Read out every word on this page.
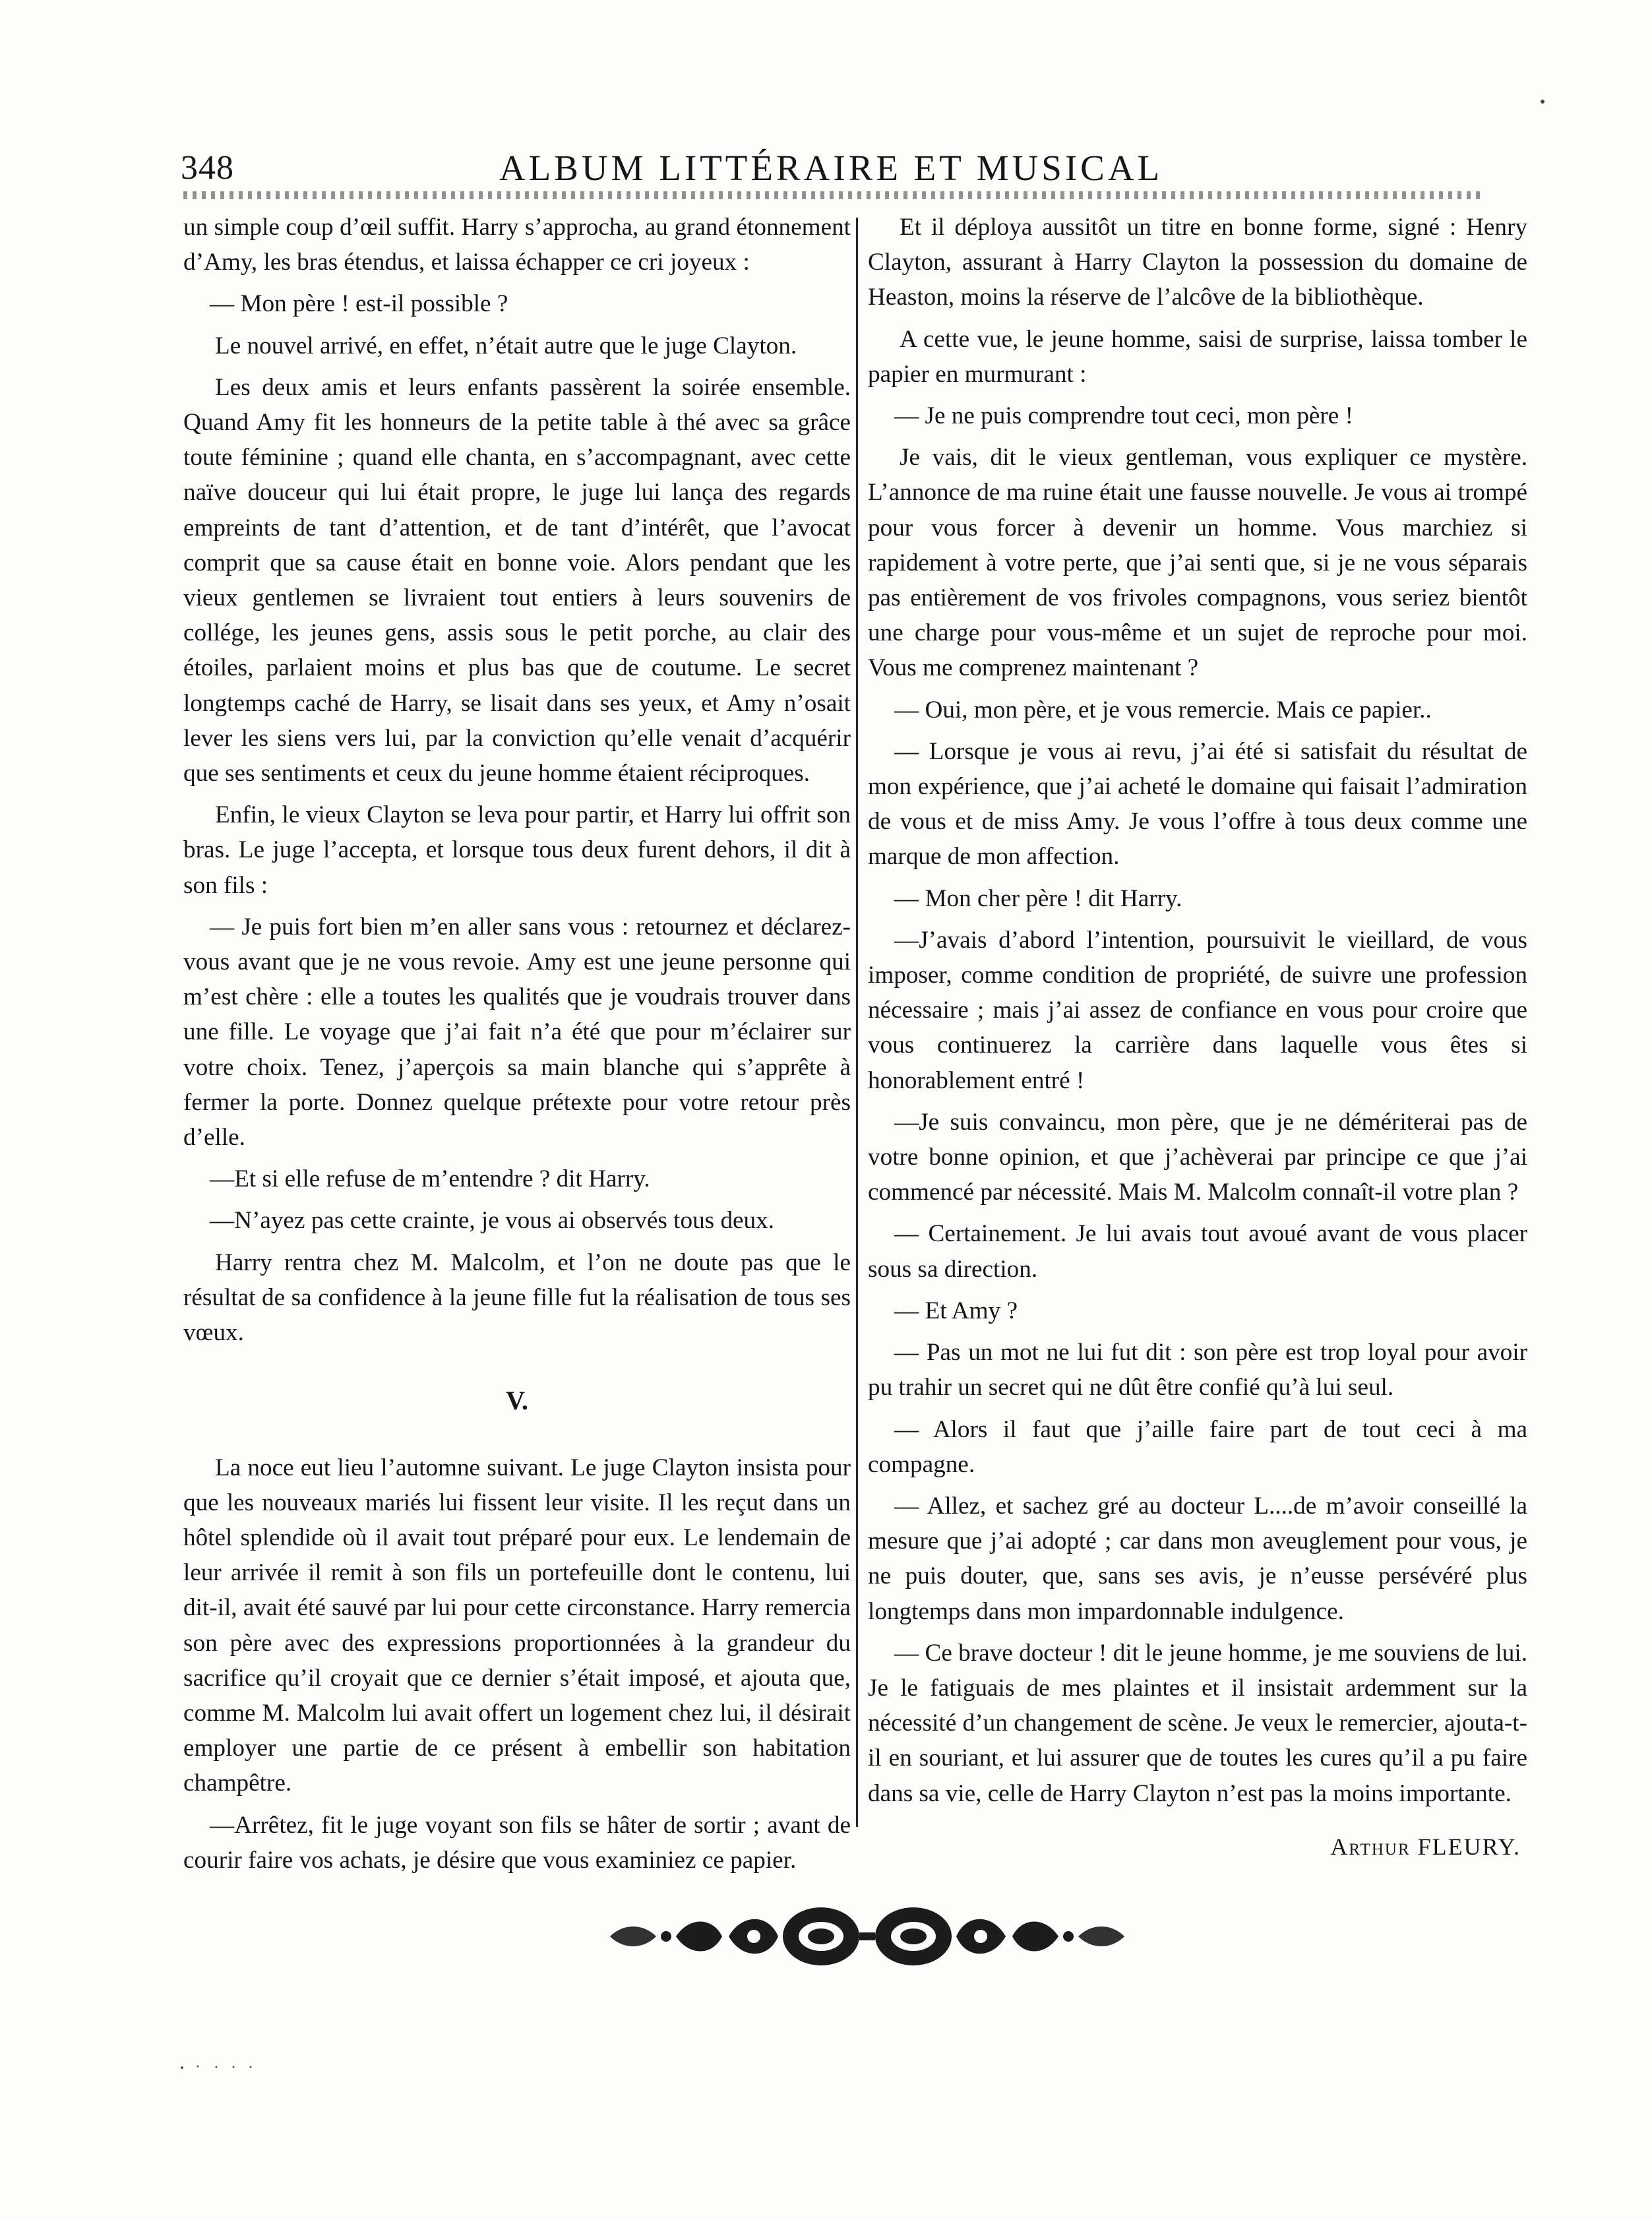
348	ALBUM LITTÉRAIRE ET MUSICAL

un simple coup d’œil suffit. Harry s’approcha, au grand étonnement d’Amy, les bras étendus, et laissa échapper ce cri joyeux :

— Mon père ! est-il possible ?

Le nouvel arrivé, en effet, n’était autre que le juge Clayton.

Les deux amis et leurs enfants passèrent la soirée ensemble. Quand Amy fit les honneurs de la petite table à thé avec sa grâce toute féminine ; quand elle chanta, en s’accompagnant, avec cette naïve douceur qui lui était propre, le juge lui lança des regards empreints de tant d’attention, et de tant d’intérêt, que l’avocat comprit que sa cause était en bonne voie. Alors pendant que les vieux gentlemen se livraient tout entiers à leurs souvenirs de collége, les jeunes gens, assis sous le petit porche, au clair des étoiles, parlaient moins et plus bas que de coutume. Le secret longtemps caché de Harry, se lisait dans ses yeux, et Amy n’osait lever les siens vers lui, par la conviction qu’elle venait d’acquérir que ses sentiments et ceux du jeune homme étaient réciproques.

Enfin, le vieux Clayton se leva pour partir, et Harry lui offrit son bras. Le juge l’accepta, et lorsque tous deux furent dehors, il dit à son fils :

— Je puis fort bien m’en aller sans vous : retournez et déclarez-vous avant que je ne vous revoie. Amy est une jeune personne qui m’est chère : elle a toutes les qualités que je voudrais trouver dans une fille. Le voyage que j’ai fait n’a été que pour m’éclairer sur votre choix. Tenez, j’aperçois sa main blanche qui s’apprête à fermer la porte. Donnez quelque prétexte pour votre retour près d’elle.

—Et si elle refuse de m’entendre ? dit Harry.

—N’ayez pas cette crainte, je vous ai observés tous deux.

Harry rentra chez M. Malcolm, et l’on ne doute pas que le résultat de sa confidence à la jeune fille fut la réalisation de tous ses vœux.

V.

La noce eut lieu l’automne suivant. Le juge Clayton insista pour que les nouveaux mariés lui fissent leur visite. Il les reçut dans un hôtel splendide où il avait tout préparé pour eux. Le lendemain de leur arrivée il remit à son fils un portefeuille dont le contenu, lui dit-il, avait été sauvé par lui pour cette circonstance. Harry remercia son père avec des expressions proportionnées à la grandeur du sacrifice qu’il croyait que ce dernier s’était imposé, et ajouta que, comme M. Malcolm lui avait offert un logement chez lui, il désirait employer une partie de ce présent à embellir son habitation champêtre.

—Arrêtez, fit le juge voyant son fils se hâter de sortir ; avant de courir faire vos achats, je désire que vous examiniez ce papier.

Et il déploya aussitôt un titre en bonne forme, signé : Henry Clayton, assurant à Harry Clayton la possession du domaine de Heaston, moins la réserve de l’alcôve de la bibliothèque.

A cette vue, le jeune homme, saisi de surprise, laissa tomber le papier en murmurant :

— Je ne puis comprendre tout ceci, mon père !

Je vais, dit le vieux gentleman, vous expliquer ce mystère. L’annonce de ma ruine était une fausse nouvelle. Je vous ai trompé pour vous forcer à devenir un homme. Vous marchiez si rapidement à votre perte, que j’ai senti que, si je ne vous séparais pas entièrement de vos frivoles compagnons, vous seriez bientôt une charge pour vous-même et un sujet de reproche pour moi. Vous me comprenez maintenant ?

— Oui, mon père, et je vous remercie. Mais ce papier..

— Lorsque je vous ai revu, j’ai été si satisfait du résultat de mon expérience, que j’ai acheté le domaine qui faisait l’admiration de vous et de miss Amy. Je vous l’offre à tous deux comme une marque de mon affection.

— Mon cher père ! dit Harry.

—J’avais d’abord l’intention, poursuivit le vieillard, de vous imposer, comme condition de propriété, de suivre une profession nécessaire ; mais j’ai assez de confiance en vous pour croire que vous continuerez la carrière dans laquelle vous êtes si honorablement entré !

—Je suis convaincu, mon père, que je ne démériterai pas de votre bonne opinion, et que j’achèverai par principe ce que j’ai commencé par nécessité. Mais M. Malcolm connaît-il votre plan ?

— Certainement. Je lui avais tout avoué avant de vous placer sous sa direction.

— Et Amy ?

— Pas un mot ne lui fut dit : son père est trop loyal pour avoir pu trahir un secret qui ne dût être confié qu’à lui seul.

— Alors il faut que j’aille faire part de tout ceci à ma compagne.

— Allez, et sachez gré au docteur L....de m’avoir conseillé la mesure que j’ai adopté ; car dans mon aveuglement pour vous, je ne puis douter, que, sans ses avis, je n’eusse persévéré plus longtemps dans mon impardonnable indulgence.

— Ce brave docteur ! dit le jeune homme, je me souviens de lui. Je le fatiguais de mes plaintes et il insistait ardemment sur la nécessité d’un changement de scène. Je veux le remercier, ajouta-t-il en souriant, et lui assurer que de toutes les cures qu’il a pu faire dans sa vie, celle de Harry Clayton n’est pas la moins importante.

Arthur FLEURY.
